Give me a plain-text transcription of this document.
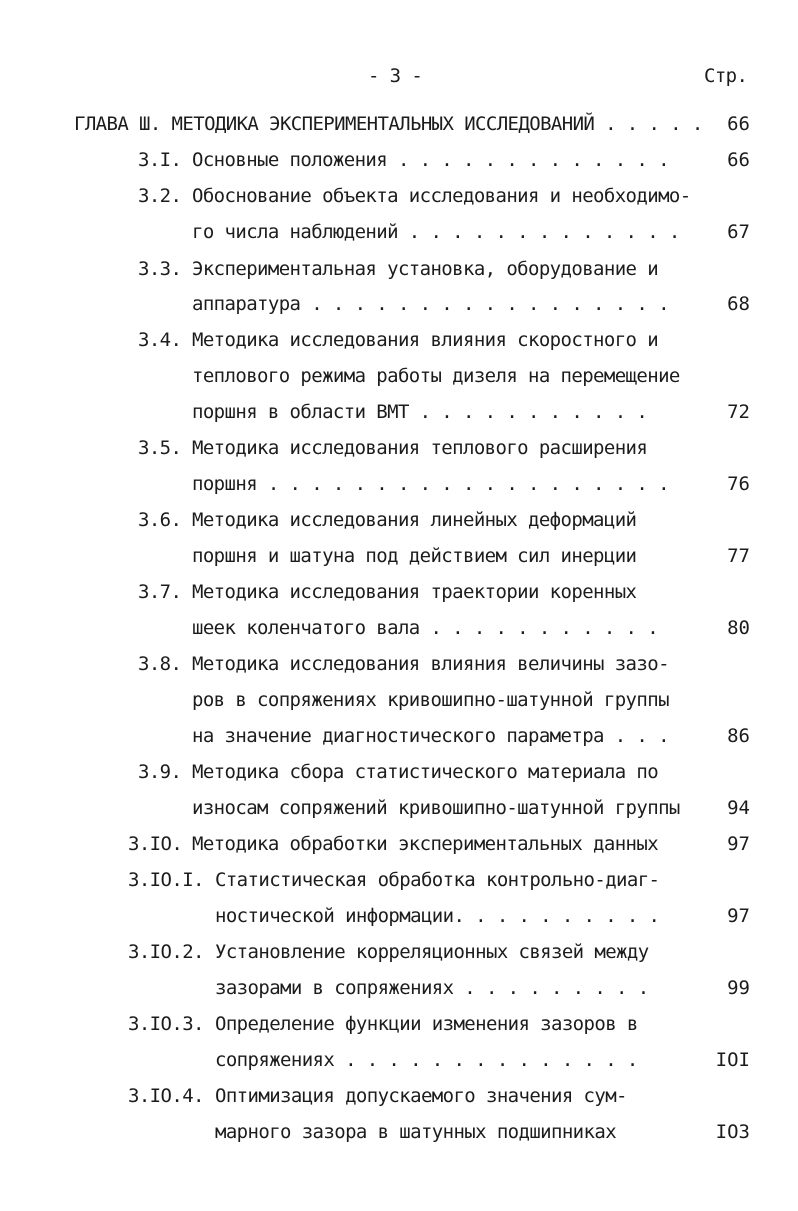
- 3 -	Стр.
ГЛАВА Ш. МЕТОДИКА ЭКСПЕРИМЕНТАЛЬНЫХ ИССЛЕДОВАНИЙ . . . . . 66
3.I. Основные положения . . . . . . . . . . . . .	66
3.2. Обоснование объекта исследования и необходимо-
го числа наблюдений . . . . . . . . . . . . . 67
3.3. Экспериментальная установка, оборудование и
аппаратура . . . . . . . . . . . . . . . . .	68
3.4. Методика исследования влияния скоростного и
теплового режима работы дизеля на перемещение
поршня в области ВМТ . . . . . . . . . . .	72
3.5. Методика исследования теплового расширения
поршня . . . . . . . . . . . . . . . . . . .	76
3.6. Методика исследования линейных деформаций
поршня и шатуна под действием сил инерции	77
3.7. Методика исследования траектории коренных
шеек коленчатого вала . . . . . . . . . . .	80
3.8. Методика исследования влияния величины зазо-
ров в сопряжениях кривошипно-шатунной группы
на значение диагностического параметра . . .	86
3.9. Методика сбора статистического материала по
износам сопряжений кривошипно-шатунной группы 94
3.IO. Методика обработки экспериментальных данных	97
3.IO.I. Статистическая обработка контрольно-диаг-
ностической информации. . . . . . . . . .	97
3.IO.2. Установление корреляционных связей между
зазорами в сопряжениях . . . . . . . . .	99
3.IO.3. Определение функции изменения зазоров в
сопряжениях . . . . . . . . . . . . . .	IOI
3.IO.4. Оптимизация допускаемого значения сум-
марного зазора в шатунных подшипниках	IO3
